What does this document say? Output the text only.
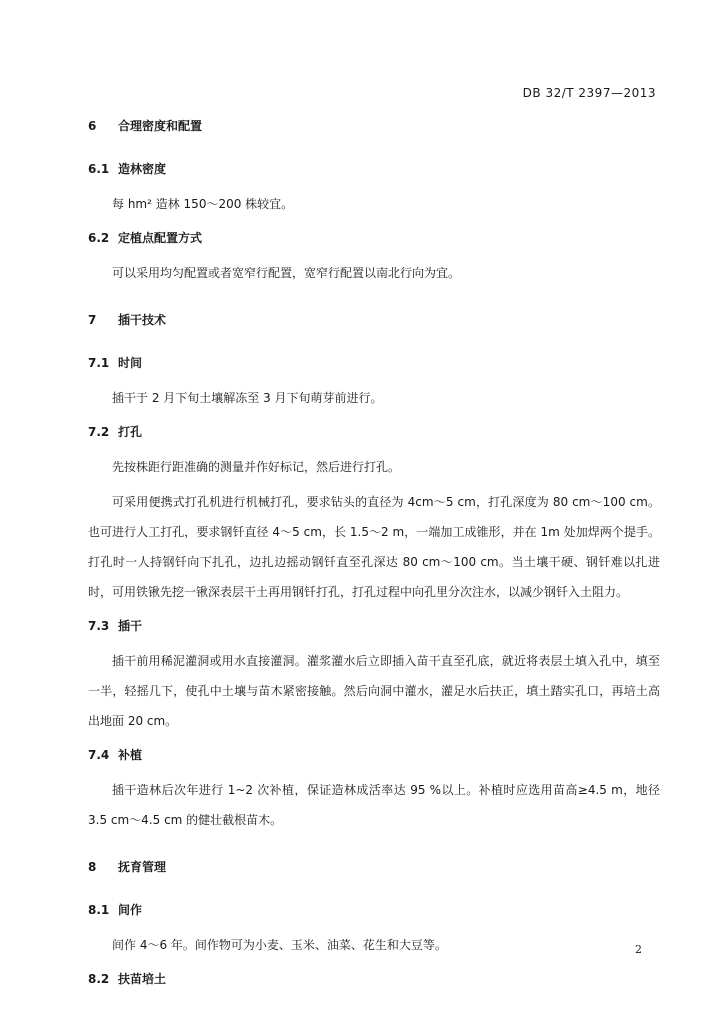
DB 32/T 2397—2013
6 合理密度和配置
6.1 造林密度
每 hm² 造林 150～200 株较宜。
6.2 定植点配置方式
可以采用均匀配置或者宽窄行配置，宽窄行配置以南北行向为宜。
7 插干技术
7.1 时间
插干于 2 月下旬土壤解冻至 3 月下旬萌芽前进行。
7.2 打孔
先按株距行距准确的测量并作好标记，然后进行打孔。
可采用便携式打孔机进行机械打孔，要求钻头的直径为 4cm～5 cm，打孔深度为 80 cm～100 cm。也可进行人工打孔，要求钢钎直径 4～5 cm，长 1.5～2 m，一端加工成锥形，并在 1m 处加焊两个提手。打孔时一人持钢钎向下扎孔，边扎边摇动钢钎直至孔深达 80 cm～100 cm。当土壤干硬、钢钎难以扎进时，可用铁锹先挖一锹深表层干土再用钢钎打孔，打孔过程中向孔里分次注水，以减少钢钎入土阻力。
7.3 插干
插干前用稀泥灌洞或用水直接灌洞。灌浆灌水后立即插入苗干直至孔底，就近将表层土填入孔中，填至一半，轻摇几下，使孔中土壤与苗木紧密接触。然后向洞中灌水，灌足水后扶正，填土踏实孔口，再培土高出地面 20 cm。
7.4 补植
插干造林后次年进行 1~2 次补植，保证造林成活率达 95 %以上。补植时应选用苗高≥4.5 m，地径 3.5 cm～4.5 cm 的健壮截根苗木。
8 抚育管理
8.1 间作
间作 4～6 年。间作物可为小麦、玉米、油菜、花生和大豆等。
8.2 扶苗培土
2
